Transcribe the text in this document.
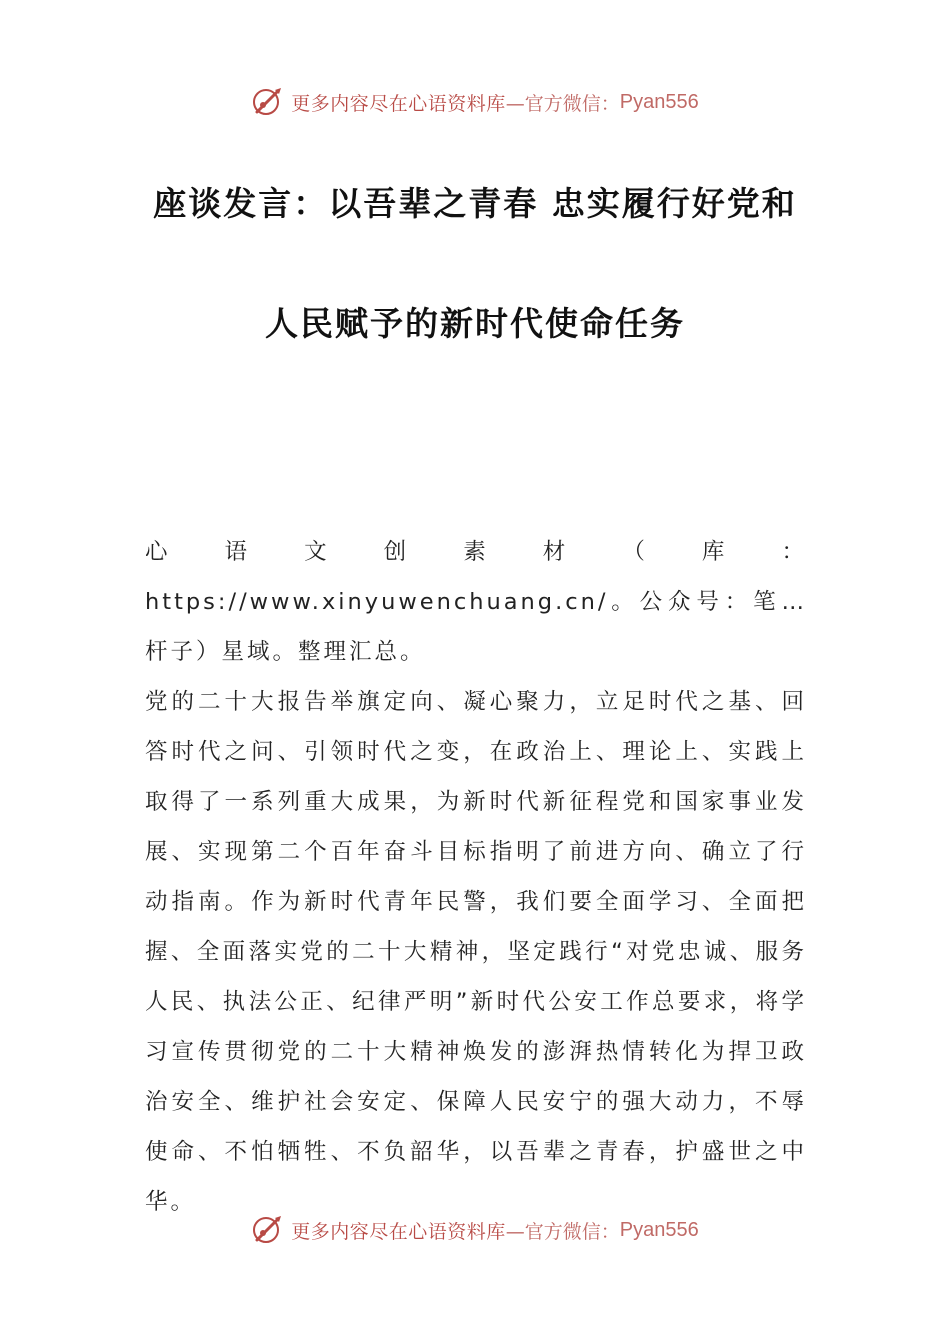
更多内容尽在心语资料库 —官方微信： Pyan556
座谈发言：以吾辈之青春 忠实履行好党和
人民赋予的新时代使命任务

心语文创素材（库：https://www.xinyuwenchuang.cn/。公众号：笔…杆子）星域。整理汇总。

党的二十大报告举旗定向、凝心聚力，立足时代之基、回答时代之问、引领时代之变，在政治上、理论上、实践上取得了一系列重大成果，为新时代新征程党和国家事业发展、实现第二个百年奋斗目标指明了前进方向、确立了行动指南。作为新时代青年民警，我们要全面学习、全面把握、全面落实党的二十大精神，坚定践行“对党忠诚、服务人民、执法公正、纪律严明”新时代公安工作总要求，将学习宣传贯彻党的二十大精神焕发的澎湃热情转化为捍卫政治安全、维护社会安定、保障人民安宁的强大动力，不辱使命、不怕牺牲、不负韶华，以吾辈之青春，护盛世之中华。

更多内容尽在心语资料库 —官方微信： Pyan556
